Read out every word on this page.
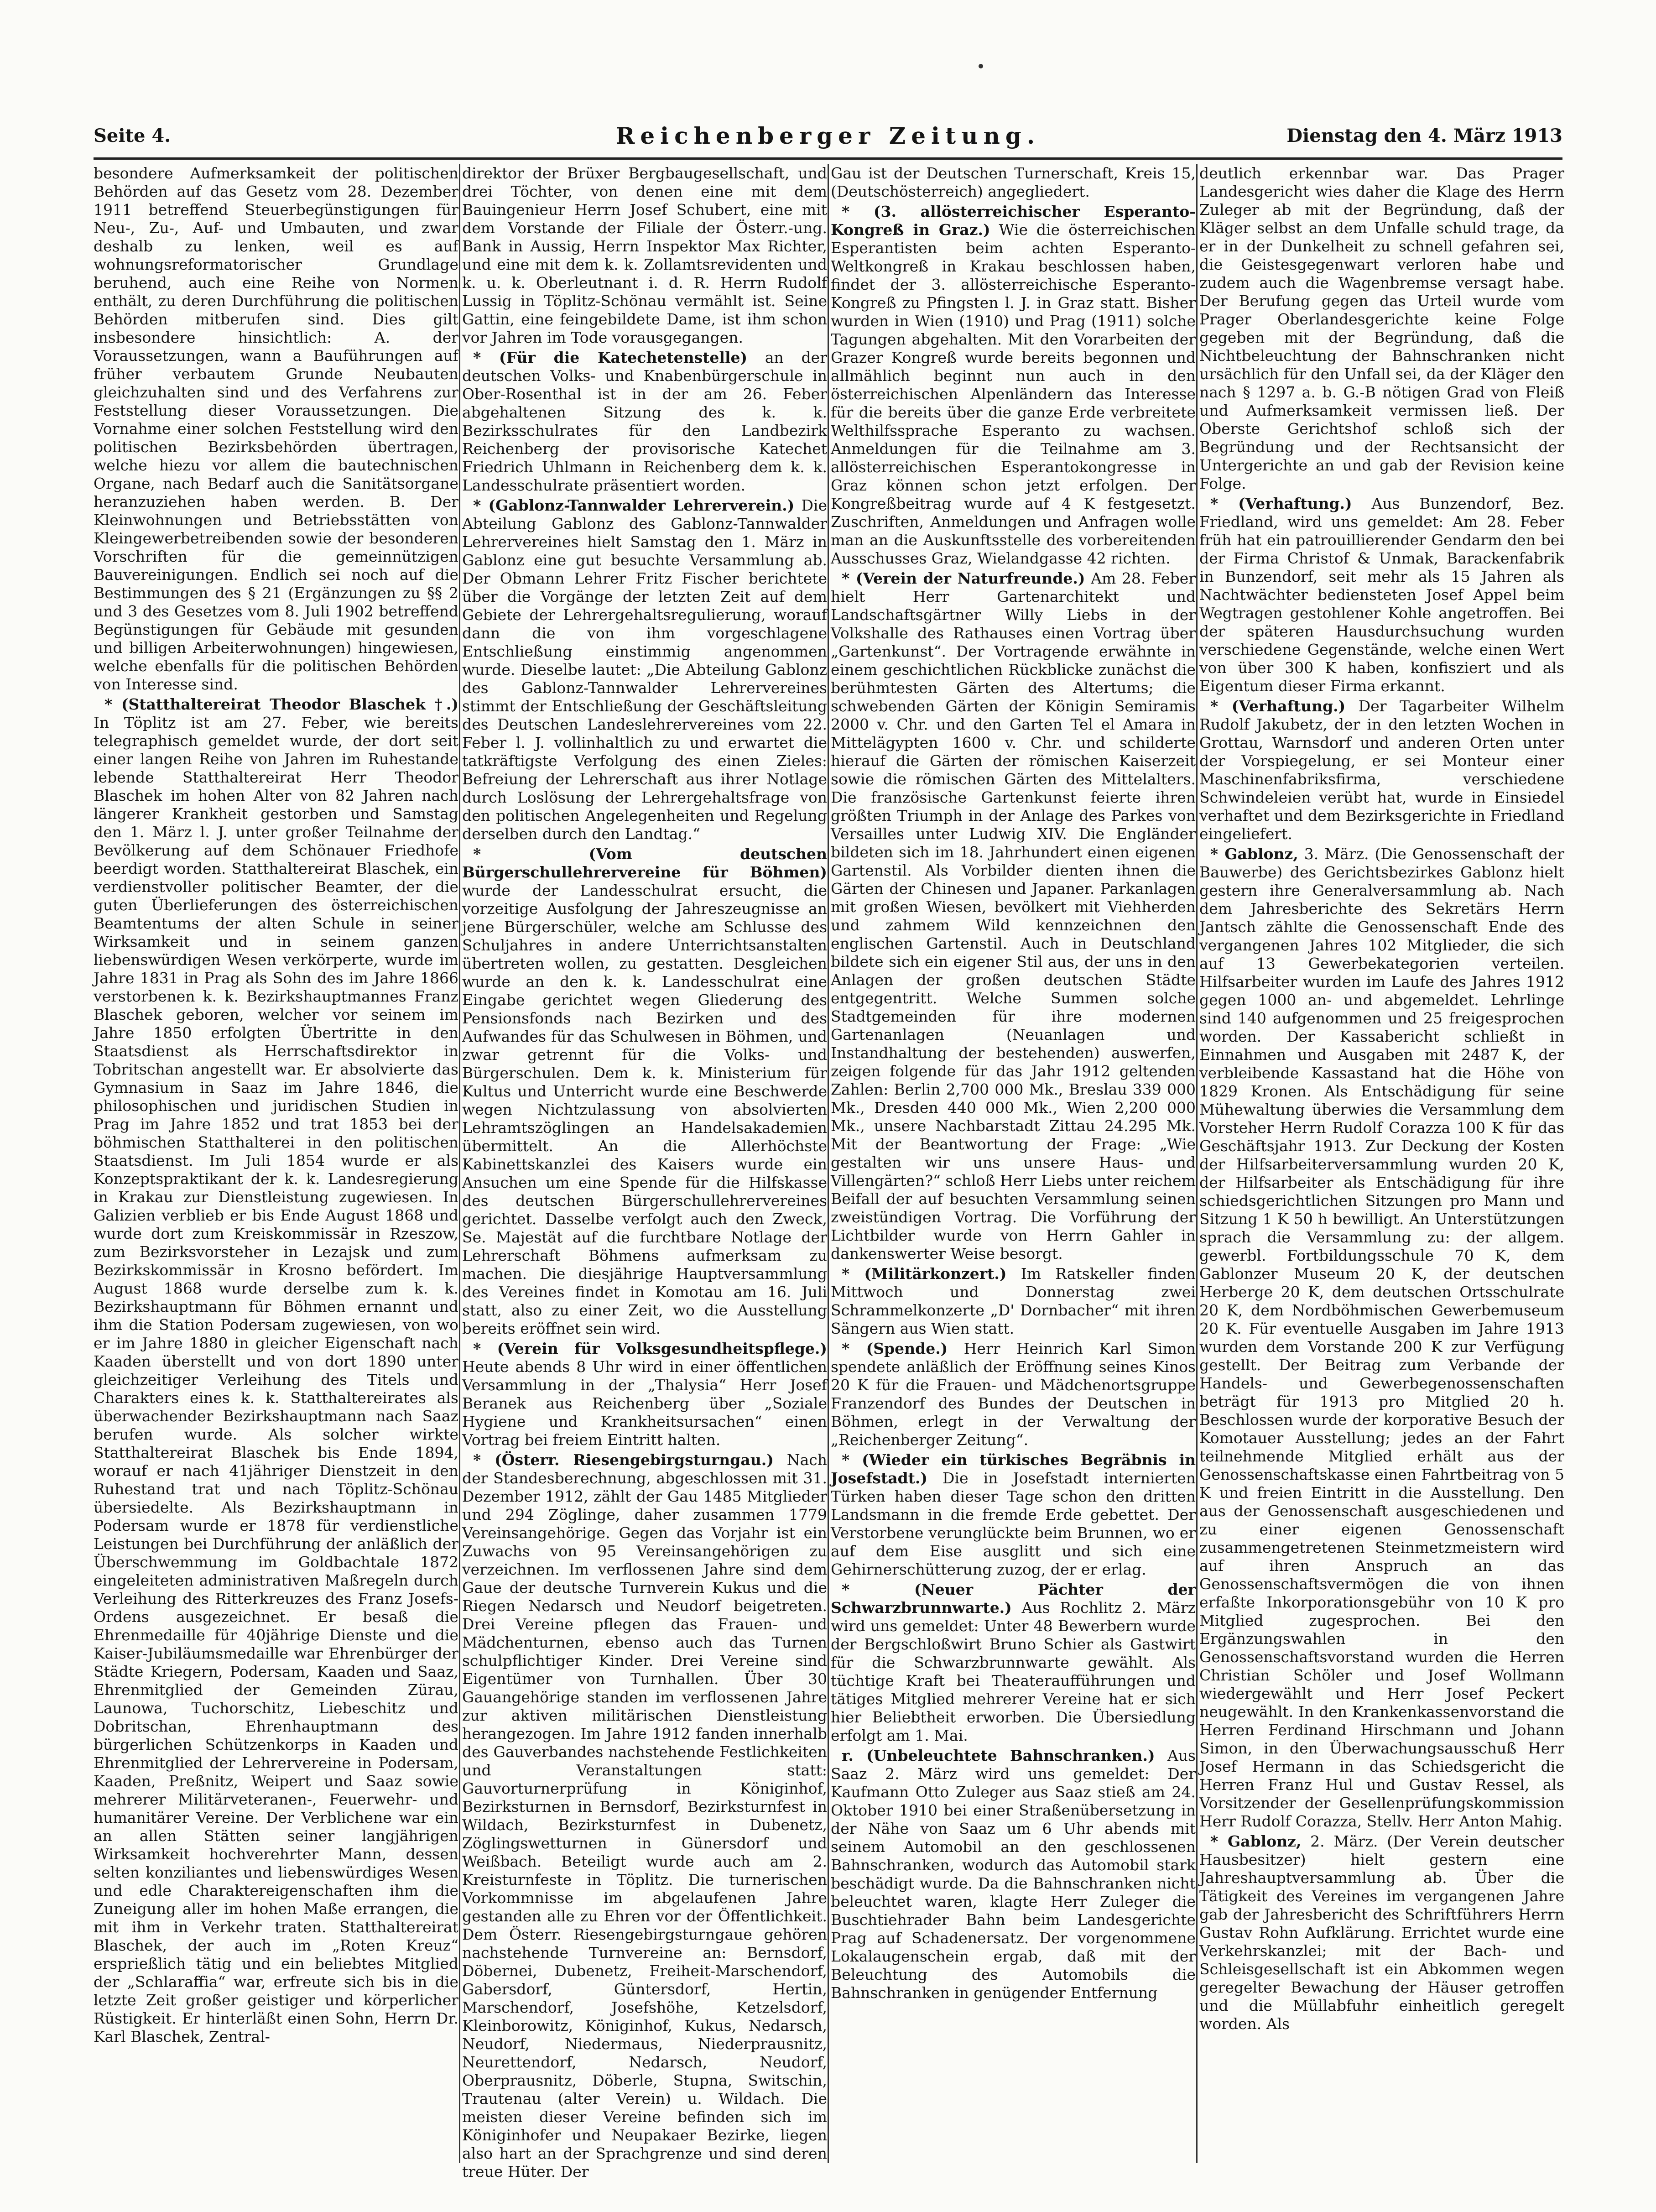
Seite 4.	Reichenberger Zeitung.	Dienstag den 4. März 1913

besondere Aufmerksamkeit der politischen Behörden auf das Gesetz vom 28. Dezember 1911 betreffend Steuerbegünstigungen für Neu-, Zu-, Auf- und Umbauten, und zwar deshalb zu lenken, weil es auf wohnungsreformatorischer Grundlage beruhend, auch eine Reihe von Normen enthält, zu deren Durchführung die politischen Behörden mitberufen sind. Dies gilt insbesondere hinsichtlich: A. der Voraussetzungen, wann a Bauführungen auf früher verbautem Grunde Neubauten gleichzuhalten sind und des Verfahrens zur Feststellung dieser Voraussetzungen. Die Vornahme einer solchen Feststellung wird den politischen Bezirksbehörden übertragen, welche hiezu vor allem die bautechnischen Organe, nach Bedarf auch die Sanitätsorgane heranzuziehen haben werden. B. Der Kleinwohnungen und Betriebsstätten von Kleingewerbetreibenden sowie der besonderen Vorschriften für die gemeinnützigen Bauvereinigungen. Endlich sei noch auf die Bestimmungen des § 21 (Ergänzungen zu §§ 2 und 3 des Gesetzes vom 8. Juli 1902 betreffend Begünstigungen für Gebäude mit gesunden und billigen Arbeiterwohnungen) hingewiesen, welche ebenfalls für die politischen Behörden von Interesse sind.

* (Statthaltereirat Theodor Blaschek †.) In Töplitz ist am 27. Feber, wie bereits telegraphisch gemeldet wurde, der dort seit einer langen Reihe von Jahren im Ruhestande lebende Statthaltereirat Herr Theodor Blaschek im hohen Alter von 82 Jahren nach längerer Krankheit gestorben und Samstag den 1. März l. J. unter großer Teilnahme der Bevölkerung auf dem Schönauer Friedhofe beerdigt worden. Statthaltereirat Blaschek, ein verdienstvoller politischer Beamter, der die guten Überlieferungen des österreichischen Beamtentums der alten Schule in seiner Wirksamkeit und in seinem ganzen liebenswürdigen Wesen verkörperte, wurde im Jahre 1831 in Prag als Sohn des im Jahre 1866 verstorbenen k. k. Bezirkshauptmannes Franz Blaschek geboren, welcher vor seinem im Jahre 1850 erfolgten Übertritte in den Staatsdienst als Herrschaftsdirektor in Tobritschan angestellt war. Er absolvierte das Gymnasium in Saaz im Jahre 1846, die philosophischen und juridischen Studien in Prag im Jahre 1852 und trat 1853 bei der böhmischen Statthalterei in den politischen Staatsdienst. Im Juli 1854 wurde er als Konzeptspraktikant der k. k. Landesregierung in Krakau zur Dienstleistung zugewiesen. In Galizien verblieb er bis Ende August 1868 und wurde dort zum Kreiskommissär in Rzeszow, zum Bezirksvorsteher in Lezajsk und zum Bezirkskommissär in Krosno befördert. Im August 1868 wurde derselbe zum k. k. Bezirkshauptmann für Böhmen ernannt und ihm die Station Podersam zugewiesen, von wo er im Jahre 1880 in gleicher Eigenschaft nach Kaaden überstellt und von dort 1890 unter gleichzeitiger Verleihung des Titels und Charakters eines k. k. Statthaltereirates als überwachender Bezirkshauptmann nach Saaz berufen wurde. Als solcher wirkte Statthaltereirat Blaschek bis Ende 1894, worauf er nach 41jähriger Dienstzeit in den Ruhestand trat und nach Töplitz-Schönau übersiedelte. Als Bezirkshauptmann in Podersam wurde er 1878 für verdienstliche Leistungen bei Durchführung der anläßlich der Überschwemmung im Goldbachtale 1872 eingeleiteten administrativen Maßregeln durch Verleihung des Ritterkreuzes des Franz Josefs-Ordens ausgezeichnet. Er besaß die Ehrenmedaille für 40jährige Dienste und die Kaiser-Jubiläumsmedaille war Ehrenbürger der Städte Kriegern, Podersam, Kaaden und Saaz, Ehrenmitglied der Gemeinden Zürau, Launowa, Tuchorschitz, Liebeschitz und Dobritschan, Ehrenhauptmann des bürgerlichen Schützenkorps in Kaaden und Ehrenmitglied der Lehrervereine in Podersam, Kaaden, Preßnitz, Weipert und Saaz sowie mehrerer Militärveteranen-, Feuerwehr- und humanitärer Vereine. Der Verblichene war ein an allen Stätten seiner langjährigen Wirksamkeit hochverehrter Mann, dessen selten konziliantes und liebenswürdiges Wesen und edle Charaktereigenschaften ihm die Zuneigung aller im hohen Maße errangen, die mit ihm in Verkehr traten. Statthaltereirat Blaschek, der auch im „Roten Kreuz“ ersprießlich tätig und ein beliebtes Mitglied der „Schlaraffia“ war, erfreute sich bis in die letzte Zeit großer geistiger und körperlicher Rüstigkeit. Er hinterläßt einen Sohn, Herrn Dr. Karl Blaschek, Zentral-

direktor der Brüxer Bergbaugesellschaft, und drei Töchter, von denen eine mit dem Bauingenieur Herrn Josef Schubert, eine mit dem Vorstande der Filiale der Österr.-ung. Bank in Aussig, Herrn Inspektor Max Richter, und eine mit dem k. k. Zollamtsrevidenten und k. u. k. Oberleutnant i. d. R. Herrn Rudolf Lussig in Töplitz-Schönau vermählt ist. Seine Gattin, eine feingebildete Dame, ist ihm schon vor Jahren im Tode vorausgegangen.

* (Für die Katechetenstelle) an der deutschen Volks- und Knabenbürgerschule in Ober-Rosenthal ist in der am 26. Feber abgehaltenen Sitzung des k. k. Bezirksschulrates für den Landbezirk Reichenberg der provisorische Katechet Friedrich Uhlmann in Reichenberg dem k. k. Landesschulrate präsentiert worden.

* (Gablonz-Tannwalder Lehrerverein.) Die Abteilung Gablonz des Gablonz-Tannwalder Lehrervereines hielt Samstag den 1. März in Gablonz eine gut besuchte Versammlung ab. Der Obmann Lehrer Fritz Fischer berichtete über die Vorgänge der letzten Zeit auf dem Gebiete der Lehrergehaltsregulierung, worauf dann die von ihm vorgeschlagene Entschließung einstimmig angenommen wurde. Dieselbe lautet: „Die Abteilung Gablonz des Gablonz-Tannwalder Lehrervereines stimmt der Entschließung der Geschäftsleitung des Deutschen Landeslehrervereines vom 22. Feber l. J. vollinhaltlich zu und erwartet die tatkräftigste Verfolgung des einen Zieles: Befreiung der Lehrerschaft aus ihrer Notlage durch Loslösung der Lehrergehaltsfrage von den politischen Angelegenheiten und Regelung derselben durch den Landtag.“

* (Vom deutschen Bürgerschullehrervereine für Böhmen) wurde der Landesschulrat ersucht, die vorzeitige Ausfolgung der Jahreszeugnisse an jene Bürgerschüler, welche am Schlusse des Schuljahres in andere Unterrichtsanstalten übertreten wollen, zu gestatten. Desgleichen wurde an den k. k. Landesschulrat eine Eingabe gerichtet wegen Gliederung des Pensionsfonds nach Bezirken und des Aufwandes für das Schulwesen in Böhmen, und zwar getrennt für die Volks- und Bürgerschulen. Dem k. k. Ministerium für Kultus und Unterricht wurde eine Beschwerde wegen Nichtzulassung von absolvierten Lehramtszöglingen an Handelsakademien übermittelt. An die Allerhöchste Kabinettskanzlei des Kaisers wurde ein Ansuchen um eine Spende für die Hilfskasse des deutschen Bürgerschullehrervereines gerichtet. Dasselbe verfolgt auch den Zweck, Se. Majestät auf die furchtbare Notlage der Lehrerschaft Böhmens aufmerksam zu machen. Die diesjährige Hauptversammlung des Vereines findet in Komotau am 16. Juli statt, also zu einer Zeit, wo die Ausstellung bereits eröffnet sein wird.

* (Verein für Volksgesundheitspflege.) Heute abends 8 Uhr wird in einer öffentlichen Versammlung in der „Thalysia“ Herr Josef Beranek aus Reichenberg über „Soziale Hygiene und Krankheitsursachen“ einen Vortrag bei freiem Eintritt halten.

* (Österr. Riesengebirgsturngau.) Nach der Standesberechnung, abgeschlossen mit 31. Dezember 1912, zählt der Gau 1485 Mitglieder und 294 Zöglinge, daher zusammen 1779 Vereinsangehörige. Gegen das Vorjahr ist ein Zuwachs von 95 Vereinsangehörigen zu verzeichnen. Im verflossenen Jahre sind dem Gaue der deutsche Turnverein Kukus und die Riegen Nedarsch und Neudorf beigetreten. Drei Vereine pflegen das Frauen- und Mädchenturnen, ebenso auch das Turnen schulpflichtiger Kinder. Drei Vereine sind Eigentümer von Turnhallen. Über 30 Gauangehörige standen im verflossenen Jahre zur aktiven militärischen Dienstleistung herangezogen. Im Jahre 1912 fanden innerhalb des Gauverbandes nachstehende Festlichkeiten und Veranstaltungen statt: Gauvorturnerprüfung in Königinhof, Bezirksturnen in Bernsdorf, Bezirksturnfest in Wildach, Bezirksturnfest in Dubenetz, Zöglingswetturnen in Günersdorf und Weißbach. Beteiligt wurde auch am 2. Kreisturnfeste in Töplitz. Die turnerischen Vorkommnisse im abgelaufenen Jahre gestanden alle zu Ehren vor der Öffentlichkeit. Dem Österr. Riesengebirgsturngaue gehören nachstehende Turnvereine an: Bernsdorf, Döbernei, Dubenetz, Freiheit-Marschendorf, Gabersdorf, Güntersdorf, Hertin, Marschendorf, Josefshöhe, Ketzelsdorf, Kleinborowitz, Königinhof, Kukus, Nedarsch, Neudorf, Niedermaus, Niederprausnitz, Neurettendorf, Nedarsch, Neudorf, Oberprausnitz, Döberle, Stupna, Switschin, Trautenau (alter Verein) u. Wildach. Die meisten dieser Vereine befinden sich im Königinhofer und Neupakaer Bezirke, liegen also hart an der Sprachgrenze und sind deren treue Hüter. Der

Gau ist der Deutschen Turnerschaft, Kreis 15, (Deutschösterreich) angegliedert.

* (3. allösterreichischer Esperanto-Kongreß in Graz.) Wie die österreichischen Esperantisten beim achten Esperanto-Weltkongreß in Krakau beschlossen haben, findet der 3. allösterreichische Esperanto-Kongreß zu Pfingsten l. J. in Graz statt. Bisher wurden in Wien (1910) und Prag (1911) solche Tagungen abgehalten. Mit den Vorarbeiten der Grazer Kongreß wurde bereits begonnen und allmählich beginnt nun auch in den österreichischen Alpenländern das Interesse für die bereits über die ganze Erde verbreitete Welthilfssprache Esperanto zu wachsen. Anmeldungen für die Teilnahme am 3. allösterreichischen Esperantokongresse in Graz können schon jetzt erfolgen. Der Kongreßbeitrag wurde auf 4 K festgesetzt. Zuschriften, Anmeldungen und Anfragen wolle man an die Auskunftsstelle des vorbereitenden Ausschusses Graz, Wielandgasse 42 richten.

* (Verein der Naturfreunde.) Am 28. Feber hielt Herr Gartenarchitekt und Landschaftsgärtner Willy Liebs in der Volkshalle des Rathauses einen Vortrag über „Gartenkunst“. Der Vortragende erwähnte in einem geschichtlichen Rückblicke zunächst die berühmtesten Gärten des Altertums; die schwebenden Gärten der Königin Semiramis 2000 v. Chr. und den Garten Tel el Amara in Mittelägypten 1600 v. Chr. und schilderte hierauf die Gärten der römischen Kaiserzeit sowie die römischen Gärten des Mittelalters. Die französische Gartenkunst feierte ihren größten Triumph in der Anlage des Parkes von Versailles unter Ludwig XIV. Die Engländer bildeten sich im 18. Jahrhundert einen eigenen Gartenstil. Als Vorbilder dienten ihnen die Gärten der Chinesen und Japaner. Parkanlagen mit großen Wiesen, bevölkert mit Viehherden und zahmem Wild kennzeichnen den englischen Gartenstil. Auch in Deutschland bildete sich ein eigener Stil aus, der uns in den Anlagen der großen deutschen Städte entgegentritt. Welche Summen solche Stadtgemeinden für ihre modernen Gartenanlagen (Neuanlagen und Instandhaltung der bestehenden) auswerfen, zeigen folgende für das Jahr 1912 geltenden Zahlen: Berlin 2,700 000 Mk., Breslau 339 000 Mk., Dresden 440 000 Mk., Wien 2,200 000 Mk., unsere Nachbarstadt Zittau 24.295 Mk. Mit der Beantwortung der Frage: „Wie gestalten wir uns unsere Haus- und Villengärten?“ schloß Herr Liebs unter reichem Beifall der auf besuchten Versammlung seinen zweistündigen Vortrag. Die Vorführung der Lichtbilder wurde von Herrn Gahler in dankenswerter Weise besorgt.

* (Militärkonzert.) Im Ratskeller finden Mittwoch und Donnerstag zwei Schrammelkonzerte „D' Dornbacher“ mit ihren Sängern aus Wien statt.

* (Spende.) Herr Heinrich Karl Simon spendete anläßlich der Eröffnung seines Kinos 20 K für die Frauen- und Mädchenortsgruppe Franzendorf des Bundes der Deutschen in Böhmen, erlegt in der Verwaltung der „Reichenberger Zeitung“.

* (Wieder ein türkisches Begräbnis in Josefstadt.) Die in Josefstadt internierten Türken haben dieser Tage schon den dritten Landsmann in die fremde Erde gebettet. Der Verstorbene verunglückte beim Brunnen, wo er auf dem Eise ausglitt und sich eine Gehirnerschütterung zuzog, der er erlag.

* (Neuer Pächter der Schwarzbrunnwarte.) Aus Rochlitz 2. März wird uns gemeldet: Unter 48 Bewerbern wurde der Bergschloßwirt Bruno Schier als Gastwirt für die Schwarzbrunnwarte gewählt. Als tüchtige Kraft bei Theateraufführungen und tätiges Mitglied mehrerer Vereine hat er sich hier Beliebtheit erworben. Die Übersiedlung erfolgt am 1. Mai.

r. (Unbeleuchtete Bahnschranken.) Aus Saaz 2. März wird uns gemeldet: Der Kaufmann Otto Zuleger aus Saaz stieß am 24. Oktober 1910 bei einer Straßenübersetzung in der Nähe von Saaz um 6 Uhr abends mit seinem Automobil an den geschlossenen Bahnschranken, wodurch das Automobil stark beschädigt wurde. Da die Bahnschranken nicht beleuchtet waren, klagte Herr Zuleger die Buschtiehrader Bahn beim Landesgerichte Prag auf Schadenersatz. Der vorgenommene Lokalaugenschein ergab, daß mit der Beleuchtung des Automobils die Bahnschranken in genügender Entfernung

deutlich erkennbar war. Das Prager Landesgericht wies daher die Klage des Herrn Zuleger ab mit der Begründung, daß der Kläger selbst an dem Unfalle schuld trage, da er in der Dunkelheit zu schnell gefahren sei, die Geistesgegenwart verloren habe und zudem auch die Wagenbremse versagt habe. Der Berufung gegen das Urteil wurde vom Prager Oberlandesgerichte keine Folge gegeben mit der Begründung, daß die Nichtbeleuchtung der Bahnschranken nicht ursächlich für den Unfall sei, da der Kläger den nach § 1297 a. b. G.-B nötigen Grad von Fleiß und Aufmerksamkeit vermissen ließ. Der Oberste Gerichtshof schloß sich der Begründung und der Rechtsansicht der Untergerichte an und gab der Revision keine Folge.

* (Verhaftung.) Aus Bunzendorf, Bez. Friedland, wird uns gemeldet: Am 28. Feber früh hat ein patrouillierender Gendarm den bei der Firma Christof & Unmak, Barackenfabrik in Bunzendorf, seit mehr als 15 Jahren als Nachtwächter bediensteten Josef Appel beim Wegtragen gestohlener Kohle angetroffen. Bei der späteren Hausdurchsuchung wurden verschiedene Gegenstände, welche einen Wert von über 300 K haben, konfisziert und als Eigentum dieser Firma erkannt.

* (Verhaftung.) Der Tagarbeiter Wilhelm Rudolf Jakubetz, der in den letzten Wochen in Grottau, Warnsdorf und anderen Orten unter der Vorspiegelung, er sei Monteur einer Maschinenfabriksfirma, verschiedene Schwindeleien verübt hat, wurde in Einsiedel verhaftet und dem Bezirksgerichte in Friedland eingeliefert.

* Gablonz, 3. März. (Die Genossenschaft der Bauwerbe) des Gerichtsbezirkes Gablonz hielt gestern ihre Generalversammlung ab. Nach dem Jahresberichte des Sekretärs Herrn Jantsch zählte die Genossenschaft Ende des vergangenen Jahres 102 Mitglieder, die sich auf 13 Gewerbekategorien verteilen. Hilfsarbeiter wurden im Laufe des Jahres 1912 gegen 1000 an- und abgemeldet. Lehrlinge sind 140 aufgenommen und 25 freigesprochen worden. Der Kassabericht schließt in Einnahmen und Ausgaben mit 2487 K, der verbleibende Kassastand hat die Höhe von 1829 Kronen. Als Entschädigung für seine Mühewaltung überwies die Versammlung dem Vorsteher Herrn Rudolf Corazza 100 K für das Geschäftsjahr 1913. Zur Deckung der Kosten der Hilfsarbeiterversammlung wurden 20 K, der Hilfsarbeiter als Entschädigung für ihre schiedsgerichtlichen Sitzungen pro Mann und Sitzung 1 K 50 h bewilligt. An Unterstützungen sprach die Versammlung zu: der allgem. gewerbl. Fortbildungsschule 70 K, dem Gablonzer Museum 20 K, der deutschen Herberge 20 K, dem deutschen Ortsschulrate 20 K, dem Nordböhmischen Gewerbemuseum 20 K. Für eventuelle Ausgaben im Jahre 1913 wurden dem Vorstande 200 K zur Verfügung gestellt. Der Beitrag zum Verbande der Handels- und Gewerbegenossenschaften beträgt für 1913 pro Mitglied 20 h. Beschlossen wurde der korporative Besuch der Komotauer Ausstellung; jedes an der Fahrt teilnehmende Mitglied erhält aus der Genossenschaftskasse einen Fahrtbeitrag von 5 K und freien Eintritt in die Ausstellung. Den aus der Genossenschaft ausgeschiedenen und zu einer eigenen Genossenschaft zusammengetretenen Steinmetzmeistern wird auf ihren Anspruch an das Genossenschaftsvermögen die von ihnen erfaßte Inkorporationsgebühr von 10 K pro Mitglied zugesprochen. Bei den Ergänzungswahlen in den Genossenschaftsvorstand wurden die Herren Christian Schöler und Josef Wollmann wiedergewählt und Herr Josef Peckert neugewählt. In den Krankenkassenvorstand die Herren Ferdinand Hirschmann und Johann Simon, in den Überwachungsausschuß Herr Josef Hermann in das Schiedsgericht die Herren Franz Hul und Gustav Ressel, als Vorsitzender der Gesellenprüfungskommission Herr Rudolf Corazza, Stellv. Herr Anton Mahig.

* Gablonz, 2. März. (Der Verein deutscher Hausbesitzer) hielt gestern eine Jahreshauptversammlung ab. Über die Tätigkeit des Vereines im vergangenen Jahre gab der Jahresbericht des Schriftführers Herrn Gustav Rohn Aufklärung. Errichtet wurde eine Verkehrskanzlei; mit der Bach- und Schleisgesellschaft ist ein Abkommen wegen geregelter Bewachung der Häuser getroffen und die Müllabfuhr einheitlich geregelt worden. Als
